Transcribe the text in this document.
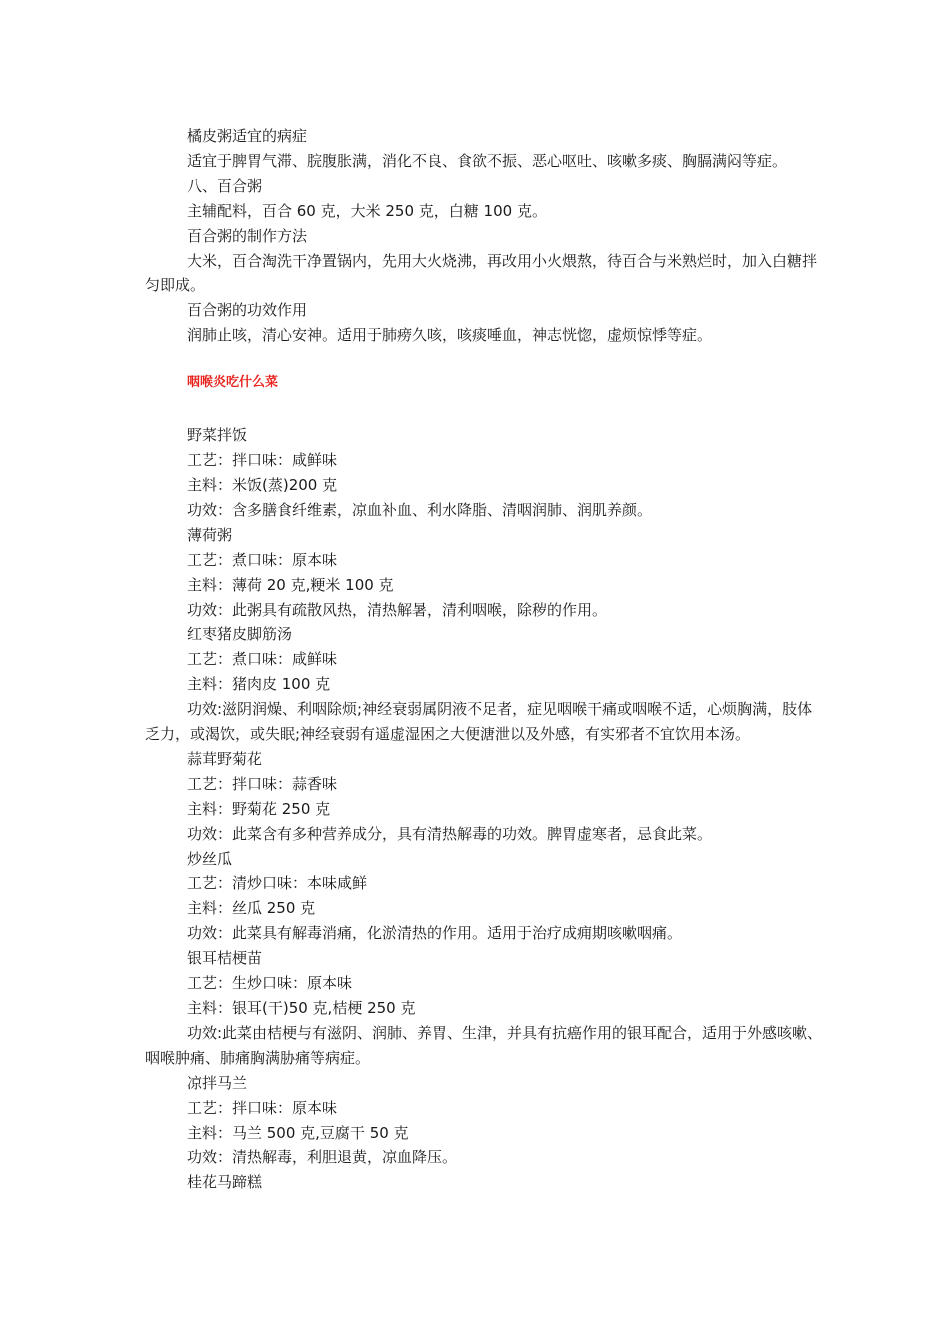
橘皮粥适宜的病症

适宜于脾胃气滞、脘腹胀满，消化不良、食欲不振、恶心呕吐、咳嗽多痰、胸膈满闷等症。

八、百合粥

主辅配料，百合 60 克，大米 250 克，白糖 100 克。

百合粥的制作方法

大米，百合淘洗干净置锅内，先用大火烧沸，再改用小火煨熬，待百合与米熟烂时，加入白糖拌匀即成。

百合粥的功效作用

润肺止咳，清心安神。适用于肺痨久咳，咳痰唾血，神志恍惚，虚烦惊悸等症。

咽喉炎吃什么菜

野菜拌饭

工艺：拌口味：咸鲜味

主料：米饭(蒸)200 克

功效：含多膳食纤维素，凉血补血、利水降脂、清咽润肺、润肌养颜。

薄荷粥

工艺：煮口味：原本味

主料：薄荷 20 克,粳米 100 克

功效：此粥具有疏散风热，清热解暑，清利咽喉，除秽的作用。

红枣猪皮脚筋汤

工艺：煮口味：咸鲜味

主料：猪肉皮 100 克

功效:滋阴润燥、利咽除烦;神经衰弱属阴液不足者，症见咽喉干痛或咽喉不适，心烦胸满，肢体乏力，或渴饮，或失眠;神经衰弱有遥虚湿困之大便溏泄以及外感，有实邪者不宜饮用本汤。

蒜茸野菊花

工艺：拌口味：蒜香味

主料：野菊花 250 克

功效：此菜含有多种营养成分，具有清热解毒的功效。脾胃虚寒者，忌食此菜。

炒丝瓜

工艺：清炒口味：本味咸鲜

主料：丝瓜 250 克

功效：此菜具有解毒消痛，化淤清热的作用。适用于治疗成痈期咳嗽咽痛。

银耳桔梗苗

工艺：生炒口味：原本味

主料：银耳(干)50 克,桔梗 250 克

功效:此菜由桔梗与有滋阴、润肺、养胃、生津，并具有抗癌作用的银耳配合，适用于外感咳嗽、咽喉肿痛、肺痛胸满胁痛等病症。

凉拌马兰

工艺：拌口味：原本味

主料：马兰 500 克,豆腐干 50 克

功效：清热解毒，利胆退黄，凉血降压。

桂花马蹄糕
